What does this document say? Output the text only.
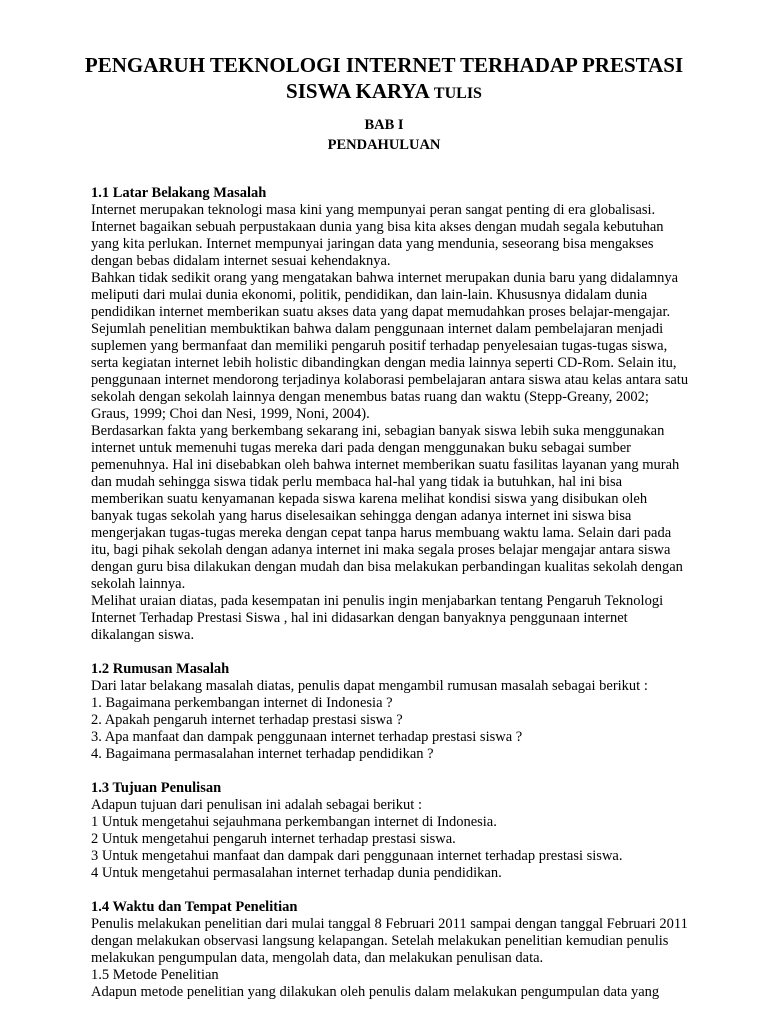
PENGARUH TEKNOLOGI INTERNET TERHADAP PRESTASI
SISWA KARYA TULIS
BAB I
PENDAHULUAN
1.1 Latar Belakang Masalah
Internet merupakan teknologi masa kini yang mempunyai peran sangat penting di era globalisasi.
Internet bagaikan sebuah perpustakaan dunia yang bisa kita akses dengan mudah segala kebutuhan
yang kita perlukan. Internet mempunyai jaringan data yang mendunia, seseorang bisa mengakses
dengan bebas didalam internet sesuai kehendaknya.
Bahkan tidak sedikit orang yang mengatakan bahwa internet merupakan dunia baru yang didalamnya
meliputi dari mulai dunia ekonomi, politik, pendidikan, dan lain-lain. Khususnya didalam dunia
pendidikan internet memberikan suatu akses data yang dapat memudahkan proses belajar-mengajar.
Sejumlah penelitian membuktikan bahwa dalam penggunaan internet dalam pembelajaran menjadi
suplemen yang bermanfaat dan memiliki pengaruh positif terhadap penyelesaian tugas-tugas siswa,
serta kegiatan internet lebih holistic dibandingkan dengan media lainnya seperti CD-Rom. Selain itu,
penggunaan internet mendorong terjadinya kolaborasi pembelajaran antara siswa atau kelas antara satu
sekolah dengan sekolah lainnya dengan menembus batas ruang dan waktu (Stepp-Greany, 2002;
Graus, 1999; Choi dan Nesi, 1999, Noni, 2004).
Berdasarkan fakta yang berkembang sekarang ini, sebagian banyak siswa lebih suka menggunakan
internet untuk memenuhi tugas mereka dari pada dengan menggunakan buku sebagai sumber
pemenuhnya. Hal ini disebabkan oleh bahwa internet memberikan suatu fasilitas layanan yang murah
dan mudah sehingga siswa tidak perlu membaca hal-hal yang tidak ia butuhkan, hal ini bisa
memberikan suatu kenyamanan kepada siswa karena melihat kondisi siswa yang disibukan oleh
banyak tugas sekolah yang harus diselesaikan sehingga dengan adanya internet ini siswa bisa
mengerjakan tugas-tugas mereka dengan cepat tanpa harus membuang waktu lama. Selain dari pada
itu, bagi pihak sekolah dengan adanya internet ini maka segala proses belajar mengajar antara siswa
dengan guru bisa dilakukan dengan mudah dan bisa melakukan perbandingan kualitas sekolah dengan
sekolah lainnya.
Melihat uraian diatas, pada kesempatan ini penulis ingin menjabarkan tentang Pengaruh Teknologi
Internet Terhadap Prestasi Siswa , hal ini didasarkan dengan banyaknya penggunaan internet
dikalangan siswa.
1.2 Rumusan Masalah
Dari latar belakang masalah diatas, penulis dapat mengambil rumusan masalah sebagai berikut :
1. Bagaimana perkembangan internet di Indonesia ?
2. Apakah pengaruh internet terhadap prestasi siswa ?
3. Apa manfaat dan dampak penggunaan internet terhadap prestasi siswa ?
4. Bagaimana permasalahan internet terhadap pendidikan ?
1.3 Tujuan Penulisan
Adapun tujuan dari penulisan ini adalah sebagai berikut :
1 Untuk mengetahui sejauhmana perkembangan internet di Indonesia.
2 Untuk mengetahui pengaruh internet terhadap prestasi siswa.
3 Untuk mengetahui manfaat dan dampak dari penggunaan internet terhadap prestasi siswa.
4 Untuk mengetahui permasalahan internet terhadap dunia pendidikan.
1.4 Waktu dan Tempat Penelitian
Penulis melakukan penelitian dari mulai tanggal 8 Februari 2011 sampai dengan tanggal Februari 2011
dengan melakukan observasi langsung kelapangan. Setelah melakukan penelitian kemudian penulis
melakukan pengumpulan data, mengolah data, dan melakukan penulisan data.
1.5 Metode Penelitian
Adapun metode penelitian yang dilakukan oleh penulis dalam melakukan pengumpulan data yang
